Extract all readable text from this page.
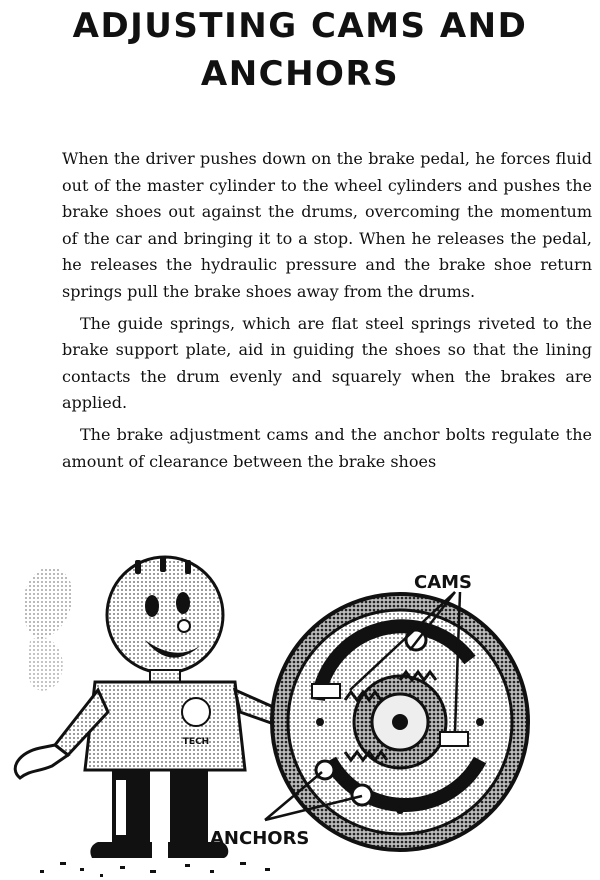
ADJUSTING CAMS AND ANCHORS

When the driver pushes down on the brake pedal, he forces fluid out of the master cylinder to the wheel cylinders and pushes the brake shoes out against the drums, overcoming the momentum of the car and bringing it to a stop. When he releases the pedal, he releases the hydraulic pressure and the brake shoe return springs pull the brake shoes away from the drums.

The guide springs, which are flat steel springs riveted to the brake support plate, aid in guiding the shoes so that the lining contacts the drum evenly and squarely when the brakes are applied.

The brake adjustment cams and the anchor bolts regulate the amount of clearance between the brake shoes

TECH
CAMS
ANCHORS
